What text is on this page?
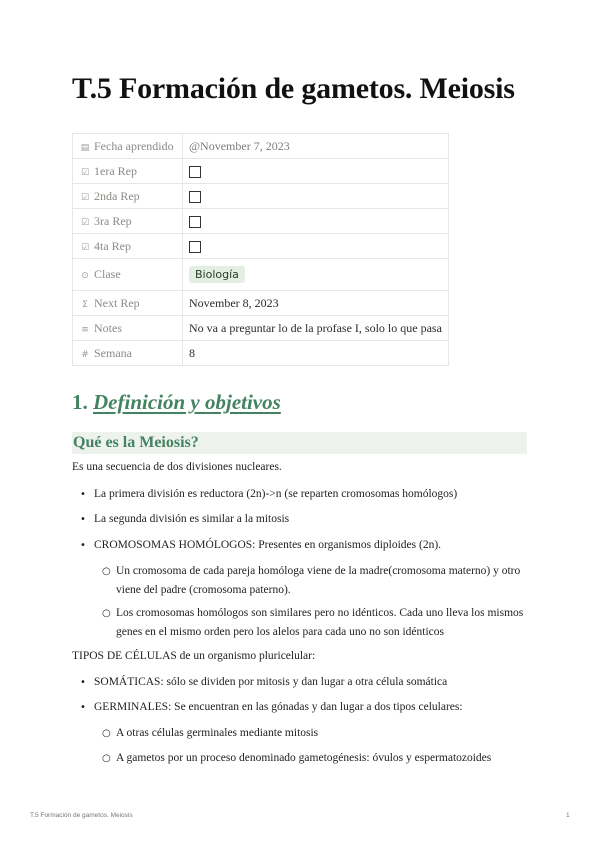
T.5 Formación de gametos. Meiosis
▤ Fecha aprendido	@November 7, 2023
☑ 1era Rep	
☑ 2nda Rep	
☑ 3ra Rep	
☑ 4ta Rep	
⊙ Clase	Biología
Σ Next Rep	November 8, 2023
≡ Notes	No va a preguntar lo de la profase I, solo lo que pasa
# Semana	8
1. Definición y objetivos
Qué es la Meiosis?

Es una secuencia de dos divisiones nucleares.

• La primera división es reductora (2n)->n (se reparten cromosomas homólogos)
• La segunda división es similar a la mitosis
• CROMOSOMAS HOMÓLOGOS: Presentes en organismos diploides (2n).
○ Un cromosoma de cada pareja homóloga viene de la madre(cromosoma materno) y otro viene del padre (cromosoma paterno).
○ Los cromosomas homólogos son similares pero no idénticos. Cada uno lleva los mismos genes en el mismo orden pero los alelos para cada uno no son idénticos

TIPOS DE CÉLULAS de un organismo pluricelular:

• SOMÁTICAS: sólo se dividen por mitosis y dan lugar a otra célula somática
• GERMINALES: Se encuentran en las gónadas y dan lugar a dos tipos celulares:
○ A otras células germinales mediante mitosis
○ A gametos por un proceso denominado gametogénesis: óvulos y espermatozoides
T.5 Formación de gametos. Meiosis	1
